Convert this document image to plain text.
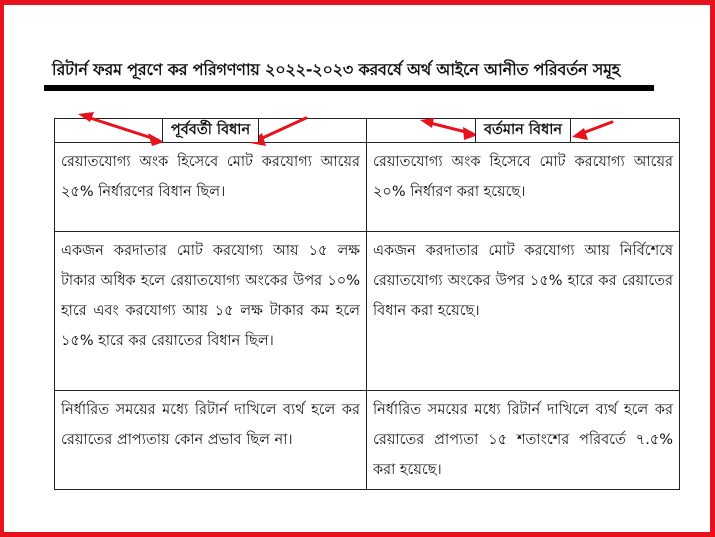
রিটার্ন ফরম পূরণে কর পরিগণণায় ২০২২-২০২৩ করবর্ষে অর্থ আইনে আনীত পরিবর্তন সমূহ
পূর্ববর্তী বিধান	বর্তমান বিধান
রেয়াতযোগ্য অংক হিসেবে মোট করযোগ্য আয়ের ২৫% নির্ধারণের বিধান ছিল।	রেয়াতযোগ্য অংক হিসেবে মোট করযোগ্য আয়ের ২০% নির্ধারণ করা হয়েছে।
একজন করদাতার মোট করযোগ্য আয় ১৫ লক্ষ টাকার অধিক হলে রেয়াতযোগ্য অংকের উপর ১০% হারে এবং করযোগ্য আয় ১৫ লক্ষ টাকার কম হলে ১৫% হারে কর রেয়াতের বিধান ছিল।	একজন করদাতার মোট করযোগ্য আয় নির্বিশেষে রেয়াতযোগ্য অংকের উপর ১৫% হারে কর রেয়াতের বিধান করা হয়েছে।
নির্ধারিত সময়ের মধ্যে রিটার্ন দাখিলে ব্যর্থ হলে কর রেয়াতের প্রাপ্যতায় কোন প্রভাব ছিল না।	নির্ধারিত সময়ের মধ্যে রিটার্ন দাখিলে ব্যর্থ হলে কর রেয়াতের প্রাপ্যতা ১৫ শতাংশের পরিবর্তে ৭.৫% করা হয়েছে।
